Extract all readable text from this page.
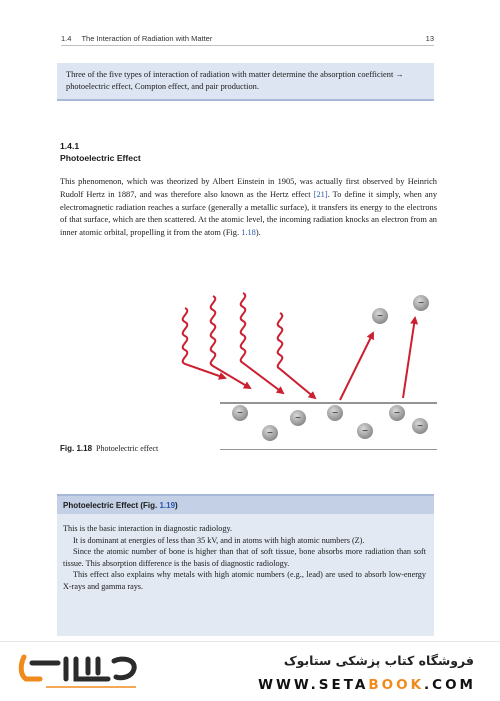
1.4 The Interaction of Radiation with Matter	13
Three of the five types of interaction of radiation with matter determine the absorption coefficient → photoelectric effect, Compton effect, and pair production.
1.4.1
Photoelectric Effect
This phenomenon, which was theorized by Albert Einstein in 1905, was actually first observed by Heinrich Rudolf Hertz in 1887, and was therefore also known as the Hertz effect [21]. To define it simply, when any electromagnetic radiation reaches a surface (generally a metallic surface), it transfers its energy to the electrons of that surface, which are then scattered. At the atomic level, the incoming radiation knocks an electron from an inner atomic orbital, propelling it from the atom (Fig. 1.18).
−
−
−
−
−	−
−
−
−
Fig. 1.18 Photoelectric effect
Photoelectric Effect (Fig. 1.19)

This is the basic interaction in diagnostic radiology.

It is dominant at energies of less than 35 kV, and in atoms with high atomic numbers (Z).

Since the atomic number of bone is higher than that of soft tissue, bone absorbs more radiation than soft tissue. This absorption difference is the basis of diagnostic radiology.

This effect also explains why metals with high atomic numbers (e.g., lead) are used to absorb low-energy X-rays and gamma rays.

فروشگاه کتاب پزشکی ستابوک
WWW.SETABOOK.COM
